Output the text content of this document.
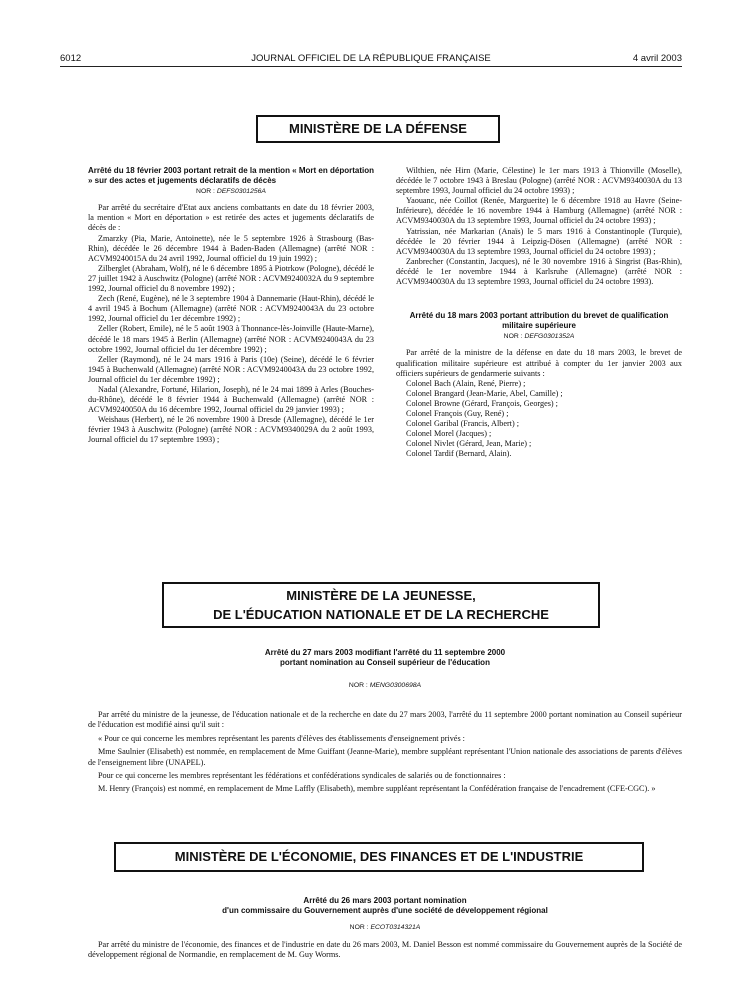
6012	JOURNAL OFFICIEL DE LA RÉPUBLIQUE FRANÇAISE	4 avril 2003
MINISTÈRE DE LA DÉFENSE
Arrêté du 18 février 2003 portant retrait de la mention « Mort en déportation » sur des actes et jugements déclaratifs de décès
NOR : DEFS0301256A

Par arrêté du secrétaire d'Etat aux anciens combattants en date du 18 février 2003, la mention « Mort en déportation » est retirée des actes et jugements déclaratifs de décès de :

Zmarzky (Pia, Marie, Antoinette), née le 5 septembre 1926 à Strasbourg (Bas-Rhin), décédée le 26 décembre 1944 à Baden-Baden (Allemagne) (arrêté NOR : ACVM9240015A du 24 avril 1992, Journal officiel du 19 juin 1992) ;

Zilberglet (Abraham, Wolf), né le 6 décembre 1895 à Piotrkow (Pologne), décédé le 27 juillet 1942 à Auschwitz (Pologne) (arrêté NOR : ACVM9240032A du 9 septembre 1992, Journal officiel du 8 novembre 1992) ;

Zech (René, Eugène), né le 3 septembre 1904 à Dannemarie (Haut-Rhin), décédé le 4 avril 1945 à Bochum (Allemagne) (arrêté NOR : ACVM9240043A du 23 octobre 1992, Journal officiel du 1er décembre 1992) ;

Zeller (Robert, Emile), né le 5 août 1903 à Thonnance-lès-Joinville (Haute-Marne), décédé le 18 mars 1945 à Berlin (Allemagne) (arrêté NOR : ACVM9240043A du 23 octobre 1992, Journal officiel du 1er décembre 1992) ;

Zeller (Raymond), né le 24 mars 1916 à Paris (10e) (Seine), décédé le 6 février 1945 à Buchenwald (Allemagne) (arrêté NOR : ACVM9240043A du 23 octobre 1992, Journal officiel du 1er décembre 1992) ;

Nadal (Alexandre, Fortuné, Hilarion, Joseph), né le 24 mai 1899 à Arles (Bouches-du-Rhône), décédé le 8 février 1944 à Buchenwald (Allemagne) (arrêté NOR : ACVM9240050A du 16 décembre 1992, Journal officiel du 29 janvier 1993) ;

Weishaus (Herbert), né le 26 novembre 1900 à Dresde (Allemagne), décédé le 1er février 1943 à Auschwitz (Pologne) (arrêté NOR : ACVM9340029A du 2 août 1993, Journal officiel du 17 septembre 1993) ;

Wilthien, née Hirn (Marie, Célestine) le 1er mars 1913 à Thionville (Moselle), décédée le 7 octobre 1943 à Breslau (Pologne) (arrêté NOR : ACVM9340030A du 13 septembre 1993, Journal officiel du 24 octobre 1993) ;

Yaouanc, née Coillot (Renée, Marguerite) le 6 décembre 1918 au Havre (Seine-Inférieure), décédée le 16 novembre 1944 à Hamburg (Allemagne) (arrêté NOR : ACVM9340030A du 13 septembre 1993, Journal officiel du 24 octobre 1993) ;

Yatrissian, née Markarian (Anaïs) le 5 mars 1916 à Constantinople (Turquie), décédée le 20 février 1944 à Leipzig-Dösen (Allemagne) (arrêté NOR : ACVM9340030A du 13 septembre 1993, Journal officiel du 24 octobre 1993) ;

Zanbrecher (Constantin, Jacques), né le 30 novembre 1916 à Singrist (Bas-Rhin), décédé le 1er novembre 1944 à Karlsruhe (Allemagne) (arrêté NOR : ACVM9340030A du 13 septembre 1993, Journal officiel du 24 octobre 1993).

Arrêté du 18 mars 2003 portant attribution du brevet de qualification militaire supérieure
NOR : DEFG0301352A

Par arrêté de la ministre de la défense en date du 18 mars 2003, le brevet de qualification militaire supérieure est attribué à compter du 1er janvier 2003 aux officiers supérieurs de gendarmerie suivants :

Colonel Bach (Alain, René, Pierre) ;

Colonel Brangard (Jean-Marie, Abel, Camille) ;

Colonel Browne (Gérard, François, Georges) ;

Colonel François (Guy, René) ;

Colonel Garibal (Francis, Albert) ;

Colonel Morel (Jacques) ;

Colonel Nivlet (Gérard, Jean, Marie) ;

Colonel Tardif (Bernard, Alain).

MINISTÈRE DE LA JEUNESSE,
DE L'ÉDUCATION NATIONALE ET DE LA RECHERCHE
Arrêté du 27 mars 2003 modifiant l'arrêté du 11 septembre 2000
portant nomination au Conseil supérieur de l'éducation
NOR : MENG0300698A

Par arrêté du ministre de la jeunesse, de l'éducation nationale et de la recherche en date du 27 mars 2003, l'arrêté du 11 septembre 2000 portant nomination au Conseil supérieur de l'éducation est modifié ainsi qu'il suit :

« Pour ce qui concerne les membres représentant les parents d'élèves des établissements d'enseignement privés :

Mme Saulnier (Elisabeth) est nommée, en remplacement de Mme Guiffant (Jeanne-Marie), membre suppléant représentant l'Union nationale des associations de parents d'élèves de l'enseignement libre (UNAPEL).

Pour ce qui concerne les membres représentant les fédérations et confédérations syndicales de salariés ou de fonctionnaires :

M. Henry (François) est nommé, en remplacement de Mme Laffly (Elisabeth), membre suppléant représentant la Confédération française de l'encadrement (CFE-CGC). »

MINISTÈRE DE L'ÉCONOMIE, DES FINANCES ET DE L'INDUSTRIE
Arrêté du 26 mars 2003 portant nomination
d'un commissaire du Gouvernement auprès d'une société de développement régional
NOR : ECOT0314321A

Par arrêté du ministre de l'économie, des finances et de l'industrie en date du 26 mars 2003, M. Daniel Besson est nommé commissaire du Gouvernement auprès de la Société de développement régional de Normandie, en remplacement de M. Guy Worms.
